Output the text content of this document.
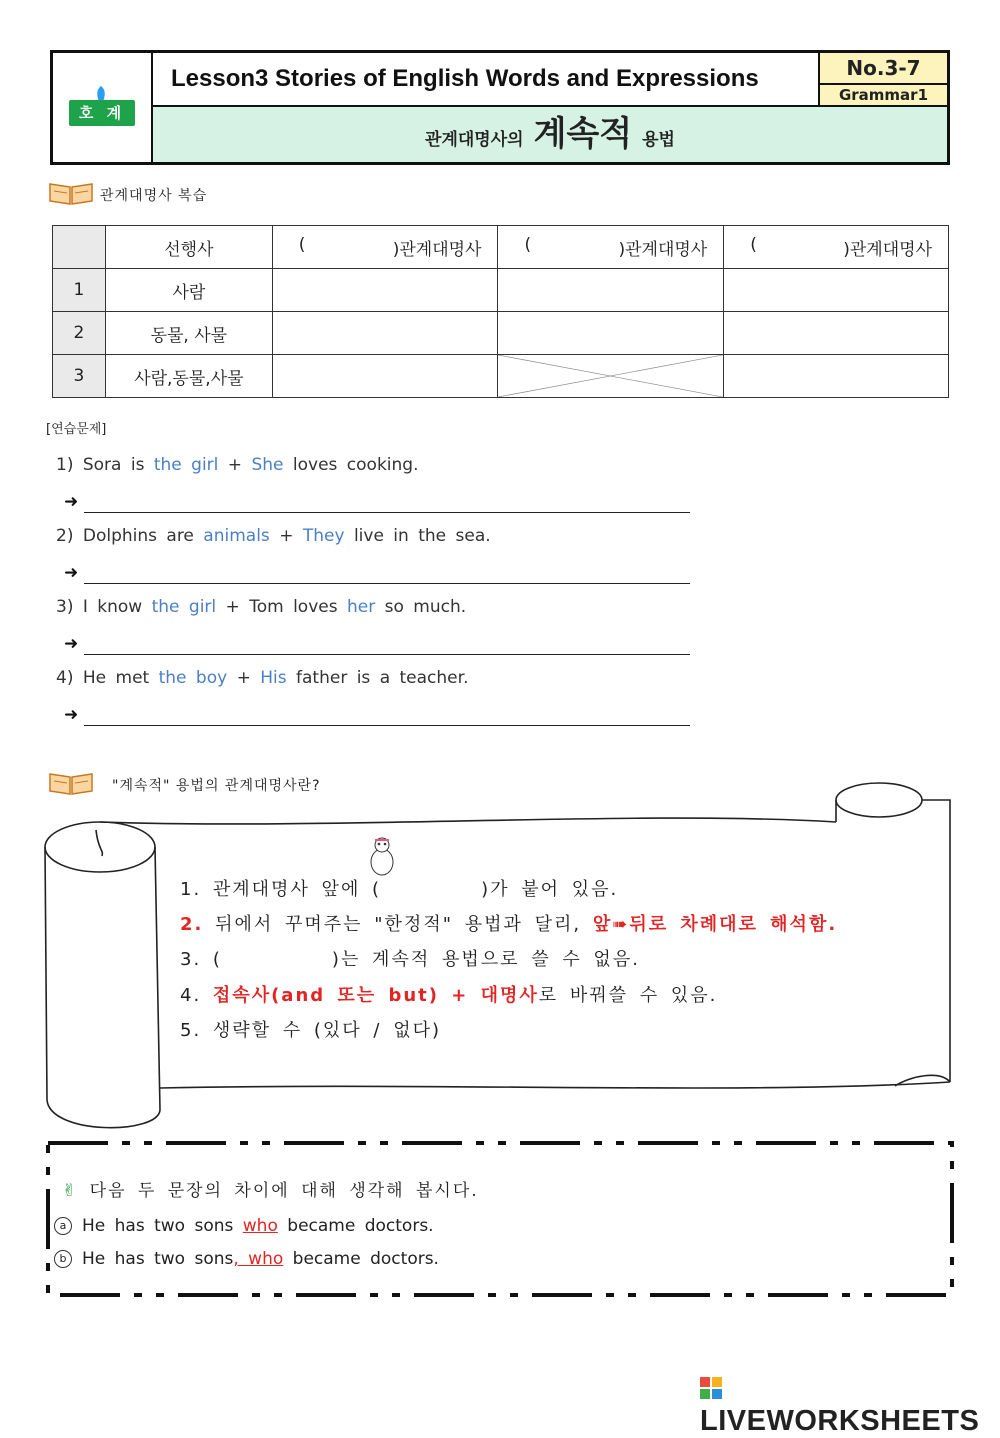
호 계
Lesson3 Stories of English Words and Expressions	No.3-7
Grammar1
관계대명사의 계속적 용법
관계대명사 복습
	선행사	( )관계대명사	( )관계대명사	( )관계대명사

1	사람			
2	동물, 사물			
3	사람,동물,사물		

[연습문제]
1) Sora is the girl + She loves cooking.
➜
2) Dolphins are animals + They live in the sea.
➜
3) I know the girl + Tom loves her so much.
➜
4) He met the boy + His father is a teacher.
➜
"계속적" 용법의 관계대명사란?
1. 관계대명사 앞에 (	)가 붙어 있음.
2. 뒤에서 꾸며주는 "한정적" 용법과 달리, 앞➠뒤로 차례대로 해석함.
3. (	)는 계속적 용법으로 쓸 수 없음.
4. 접속사(and 또는 but) + 대명사로 바꿔쓸 수 있음.
5. 생략할 수 (있다 / 없다)
✌ 다음 두 문장의 차이에 대해 생각해 봅시다.
a He has two sons who became doctors.
b He has two sons, who became doctors.
LIVEWORKSHEETS
